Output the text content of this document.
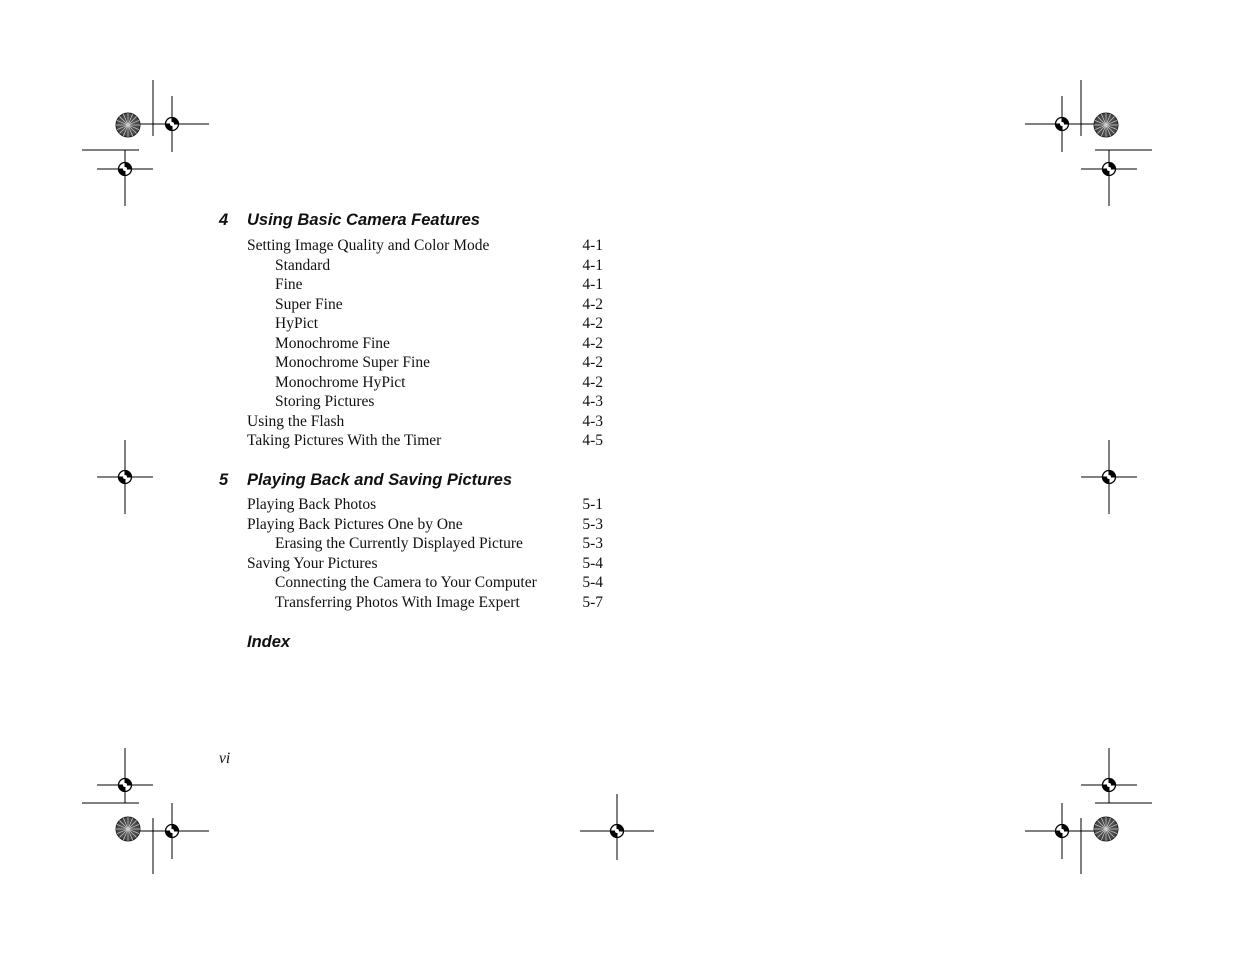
4 Using Basic Camera Features
Setting Image Quality and Color Mode	4-1
Standard	4-1
Fine	4-1
Super Fine	4-2
HyPict	4-2
Monochrome Fine	4-2
Monochrome Super Fine	4-2
Monochrome HyPict	4-2
Storing Pictures	4-3
Using the Flash	4-3
Taking Pictures With the Timer	4-5
5 Playing Back and Saving Pictures
Playing Back Photos	5-1
Playing Back Pictures One by One	5-3
Erasing the Currently Displayed Picture	5-3
Saving Your Pictures	5-4
Connecting the Camera to Your Computer	5-4
Transferring Photos With Image Expert	5-7
Index
vi
